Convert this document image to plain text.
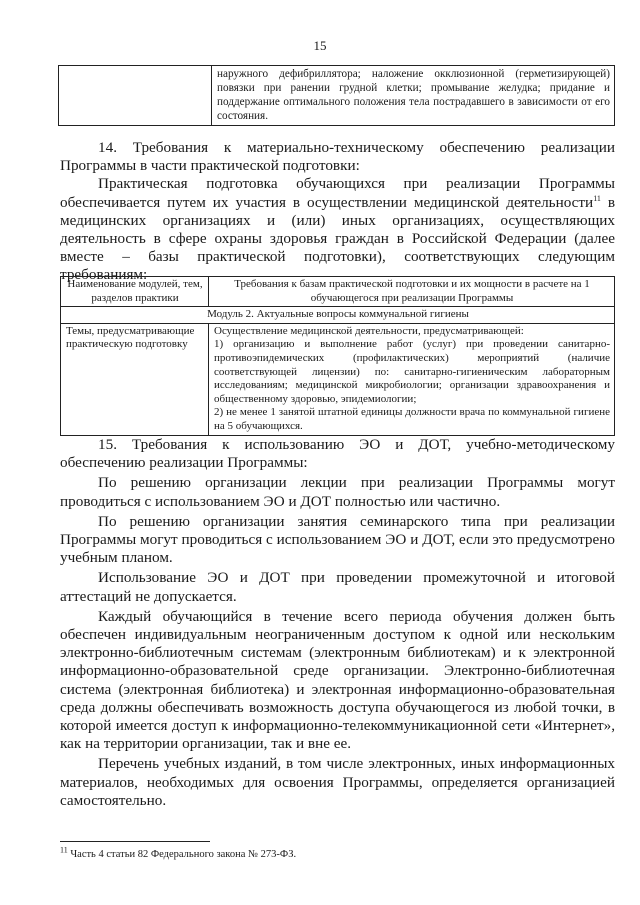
15
	наружного дефибриллятора; наложение окклюзионной (герметизирующей) повязки при ранении грудной клетки; промывание желудка; придание и поддержание оптимального положения тела пострадавшего в зависимости от его состояния.

14. Требования к материально-техническому обеспечению реализации Программы в части практической подготовки:

Практическая подготовка обучающихся при реализации Программы обеспечивается путем их участия в осуществлении медицинской деятельности$^{11}$ в медицинских организациях и (или) иных организациях, осуществляющих деятельность в сфере охраны здоровья граждан в Российской Федерации (далее вместе – базы практической подготовки), соответствующих следующим требованиям:

Наименование модулей, тем, разделов практики	Требования к базам практической подготовки и их мощности в расчете на 1 обучающегося при реализации Программы
Модуль 2. Актуальные вопросы коммунальной гигиены	
Темы, предусматривающие практическую подготовку	Осуществление медицинской деятельности, предусматривающей:
1) организацию и выполнение работ (услуг) при проведении санитарно-противоэпидемических (профилактических) мероприятий (наличие соответствующей лицензии) по: санитарно-гигиеническим лабораторным исследованиям; медицинской микробиологии; организации здравоохранения и общественному здоровью, эпидемиологии;
2) не менее 1 занятой штатной единицы должности врача по коммунальной гигиене на 5 обучающихся.

15. Требования к использованию ЭО и ДОТ, учебно-методическому обеспечению реализации Программы:

По решению организации лекции при реализации Программы могут проводиться с использованием ЭО и ДОТ полностью или частично.

По решению организации занятия семинарского типа при реализации Программы могут проводиться с использованием ЭО и ДОТ, если это предусмотрено учебным планом.

Использование ЭО и ДОТ при проведении промежуточной и итоговой аттестаций не допускается.

Каждый обучающийся в течение всего периода обучения должен быть обеспечен индивидуальным неограниченным доступом к одной или нескольким электронно-библиотечным системам (электронным библиотекам) и к электронной информационно-образовательной среде организации. Электронно-библиотечная система (электронная библиотека) и электронная информационно-образовательная среда должны обеспечивать возможность доступа обучающегося из любой точки, в которой имеется доступ к информационно-телекоммуникационной сети «Интернет», как на территории организации, так и вне ее.

Перечень учебных изданий, в том числе электронных, иных информационных материалов, необходимых для освоения Программы, определяется организацией самостоятельно.

$^{11}$ Часть 4 статьи 82 Федерального закона № 273-ФЗ.
